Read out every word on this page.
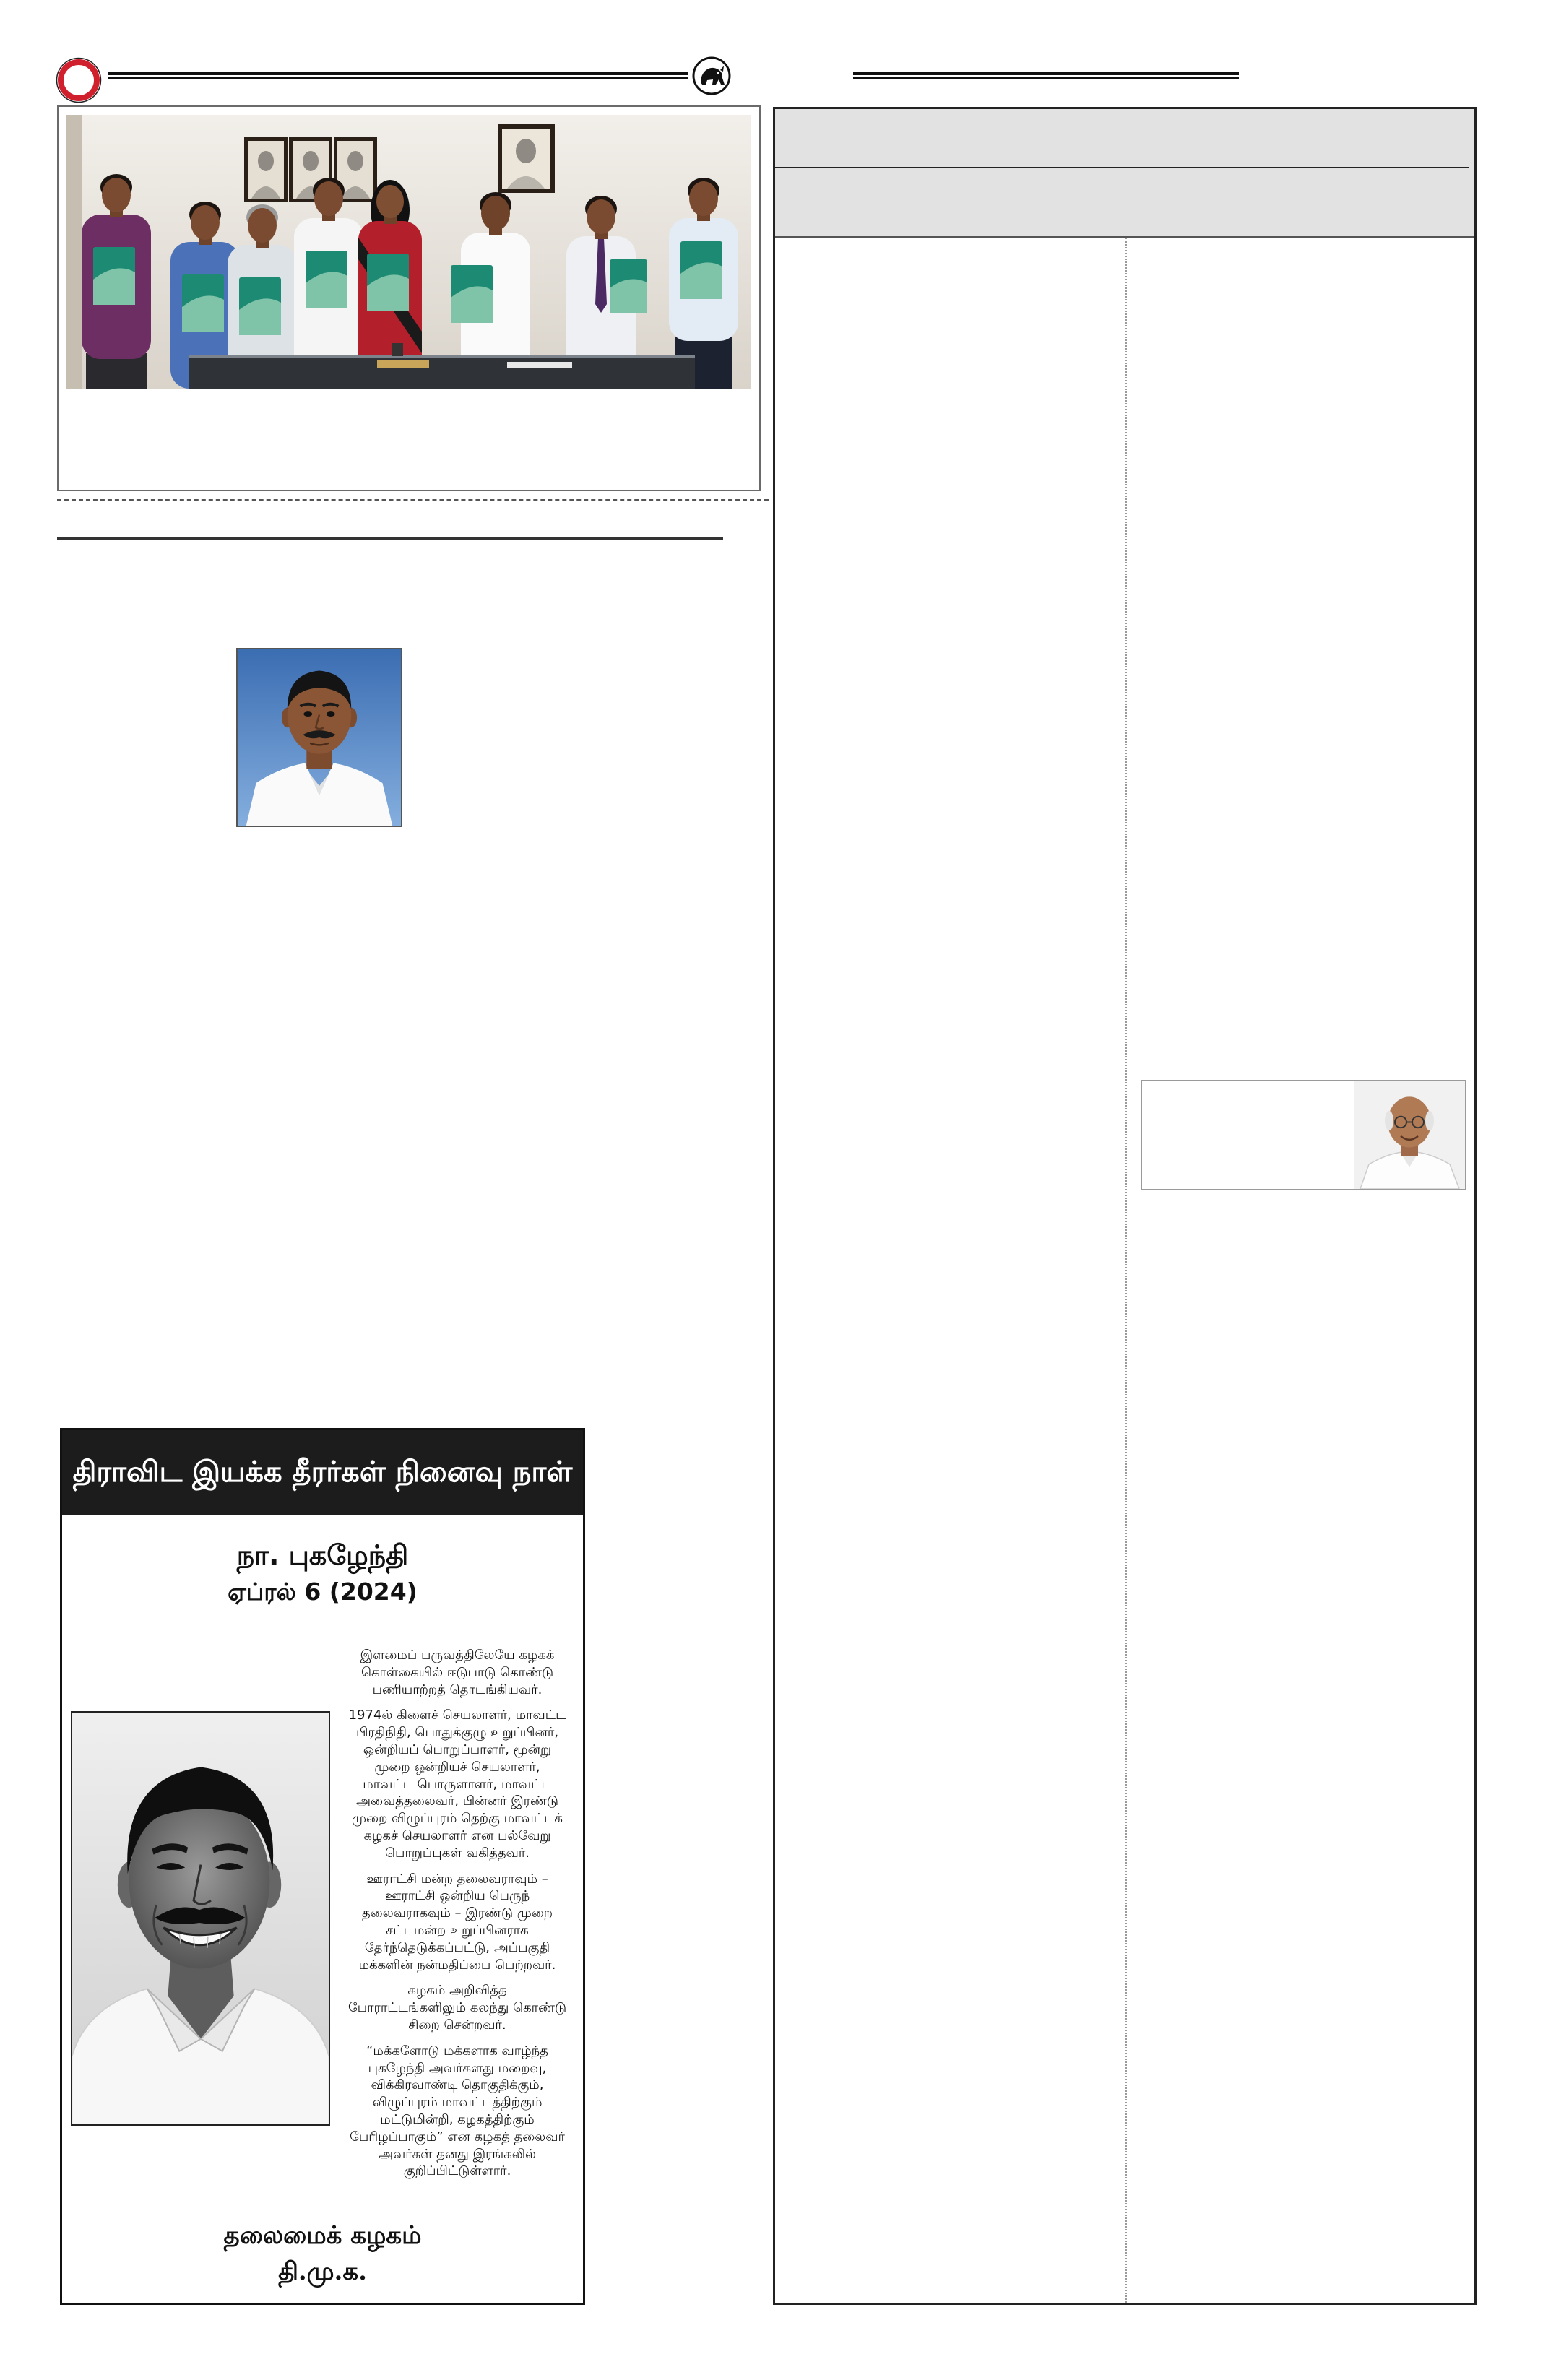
திராவிட இயக்க தீரர்கள் நினைவு நாள்
நா. புகழேந்தி
ஏப்ரல் 6 (2024)
இளமைப் பருவத்திலேயே கழகக்
கொள்கையில் ஈடுபாடு கொண்டு
பணியாற்றத் தொடங்கியவர்.
1974ல் கிளைச் செயலாளர், மாவட்ட
பிரதிநிதி, பொதுக்குழு உறுப்பினர்,
ஒன்றியப் பொறுப்பாளர், மூன்று
முறை ஒன்றியச் செயலாளர்,
மாவட்ட பொருளாளர், மாவட்ட
அவைத்தலைவர், பின்னர் இரண்டு
முறை விழுப்புரம் தெற்கு மாவட்டக்
கழகச் செயலாளர் என பல்வேறு
பொறுப்புகள் வகித்தவர்.
ஊராட்சி மன்ற தலைவராவும் –
ஊராட்சி ஒன்றிய பெருந்
தலைவராகவும் – இரண்டு முறை
சட்டமன்ற உறுப்பினராக
தேர்ந்தெடுக்கப்பட்டு, அப்பகுதி
மக்களின் நன்மதிப்பை பெற்றவர்.
கழகம் அறிவித்த
போராட்டங்களிலும் கலந்து கொண்டு
சிறை சென்றவர்.
“மக்களோடு மக்களாக வாழ்ந்த
புகழேந்தி அவர்களது மறைவு,
விக்கிரவாண்டி தொகுதிக்கும்,
விழுப்புரம் மாவட்டத்திற்கும்
மட்டுமின்றி, கழகத்திற்கும்
பேரிழப்பாகும்” என கழகத் தலைவர்
அவர்கள் தனது இரங்கலில்
குறிப்பிட்டுள்ளார்.
தலைமைக் கழகம்
தி.மு.க.
